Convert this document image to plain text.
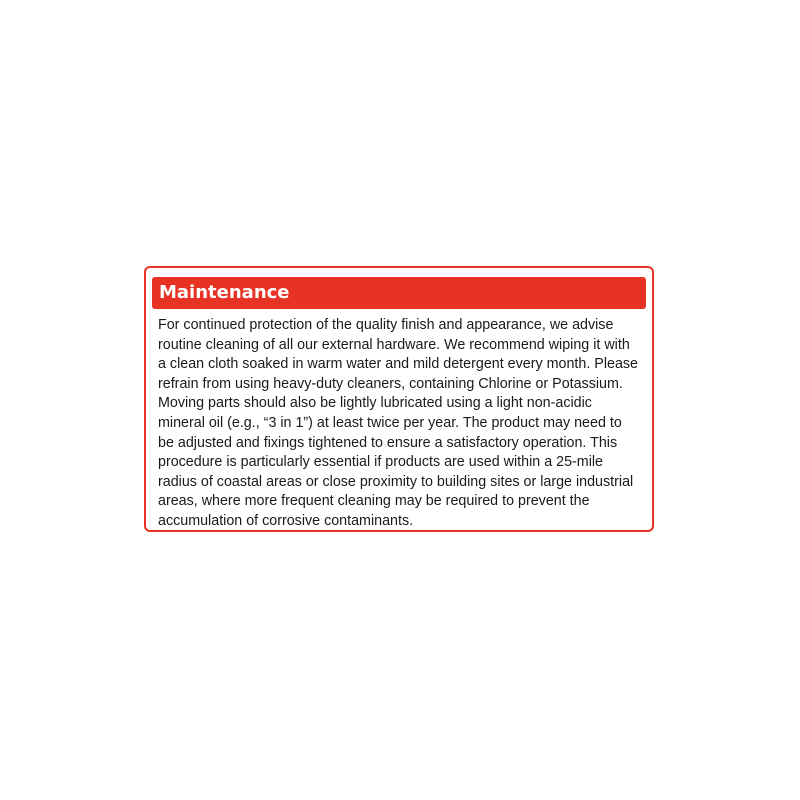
Maintenance

For continued protection of the quality finish and appearance, we advise
routine cleaning of all our external hardware. We recommend wiping it with
a clean cloth soaked in warm water and mild detergent every month. Please
refrain from using heavy-duty cleaners, containing Chlorine or Potassium.
Moving parts should also be lightly lubricated using a light non-acidic
mineral oil (e.g., “3 in 1”) at least twice per year. The product may need to
be adjusted and fixings tightened to ensure a satisfactory operation. This
procedure is particularly essential if products are used within a 25-mile
radius of coastal areas or close proximity to building sites or large industrial
areas, where more frequent cleaning may be required to prevent the
accumulation of corrosive contaminants.
